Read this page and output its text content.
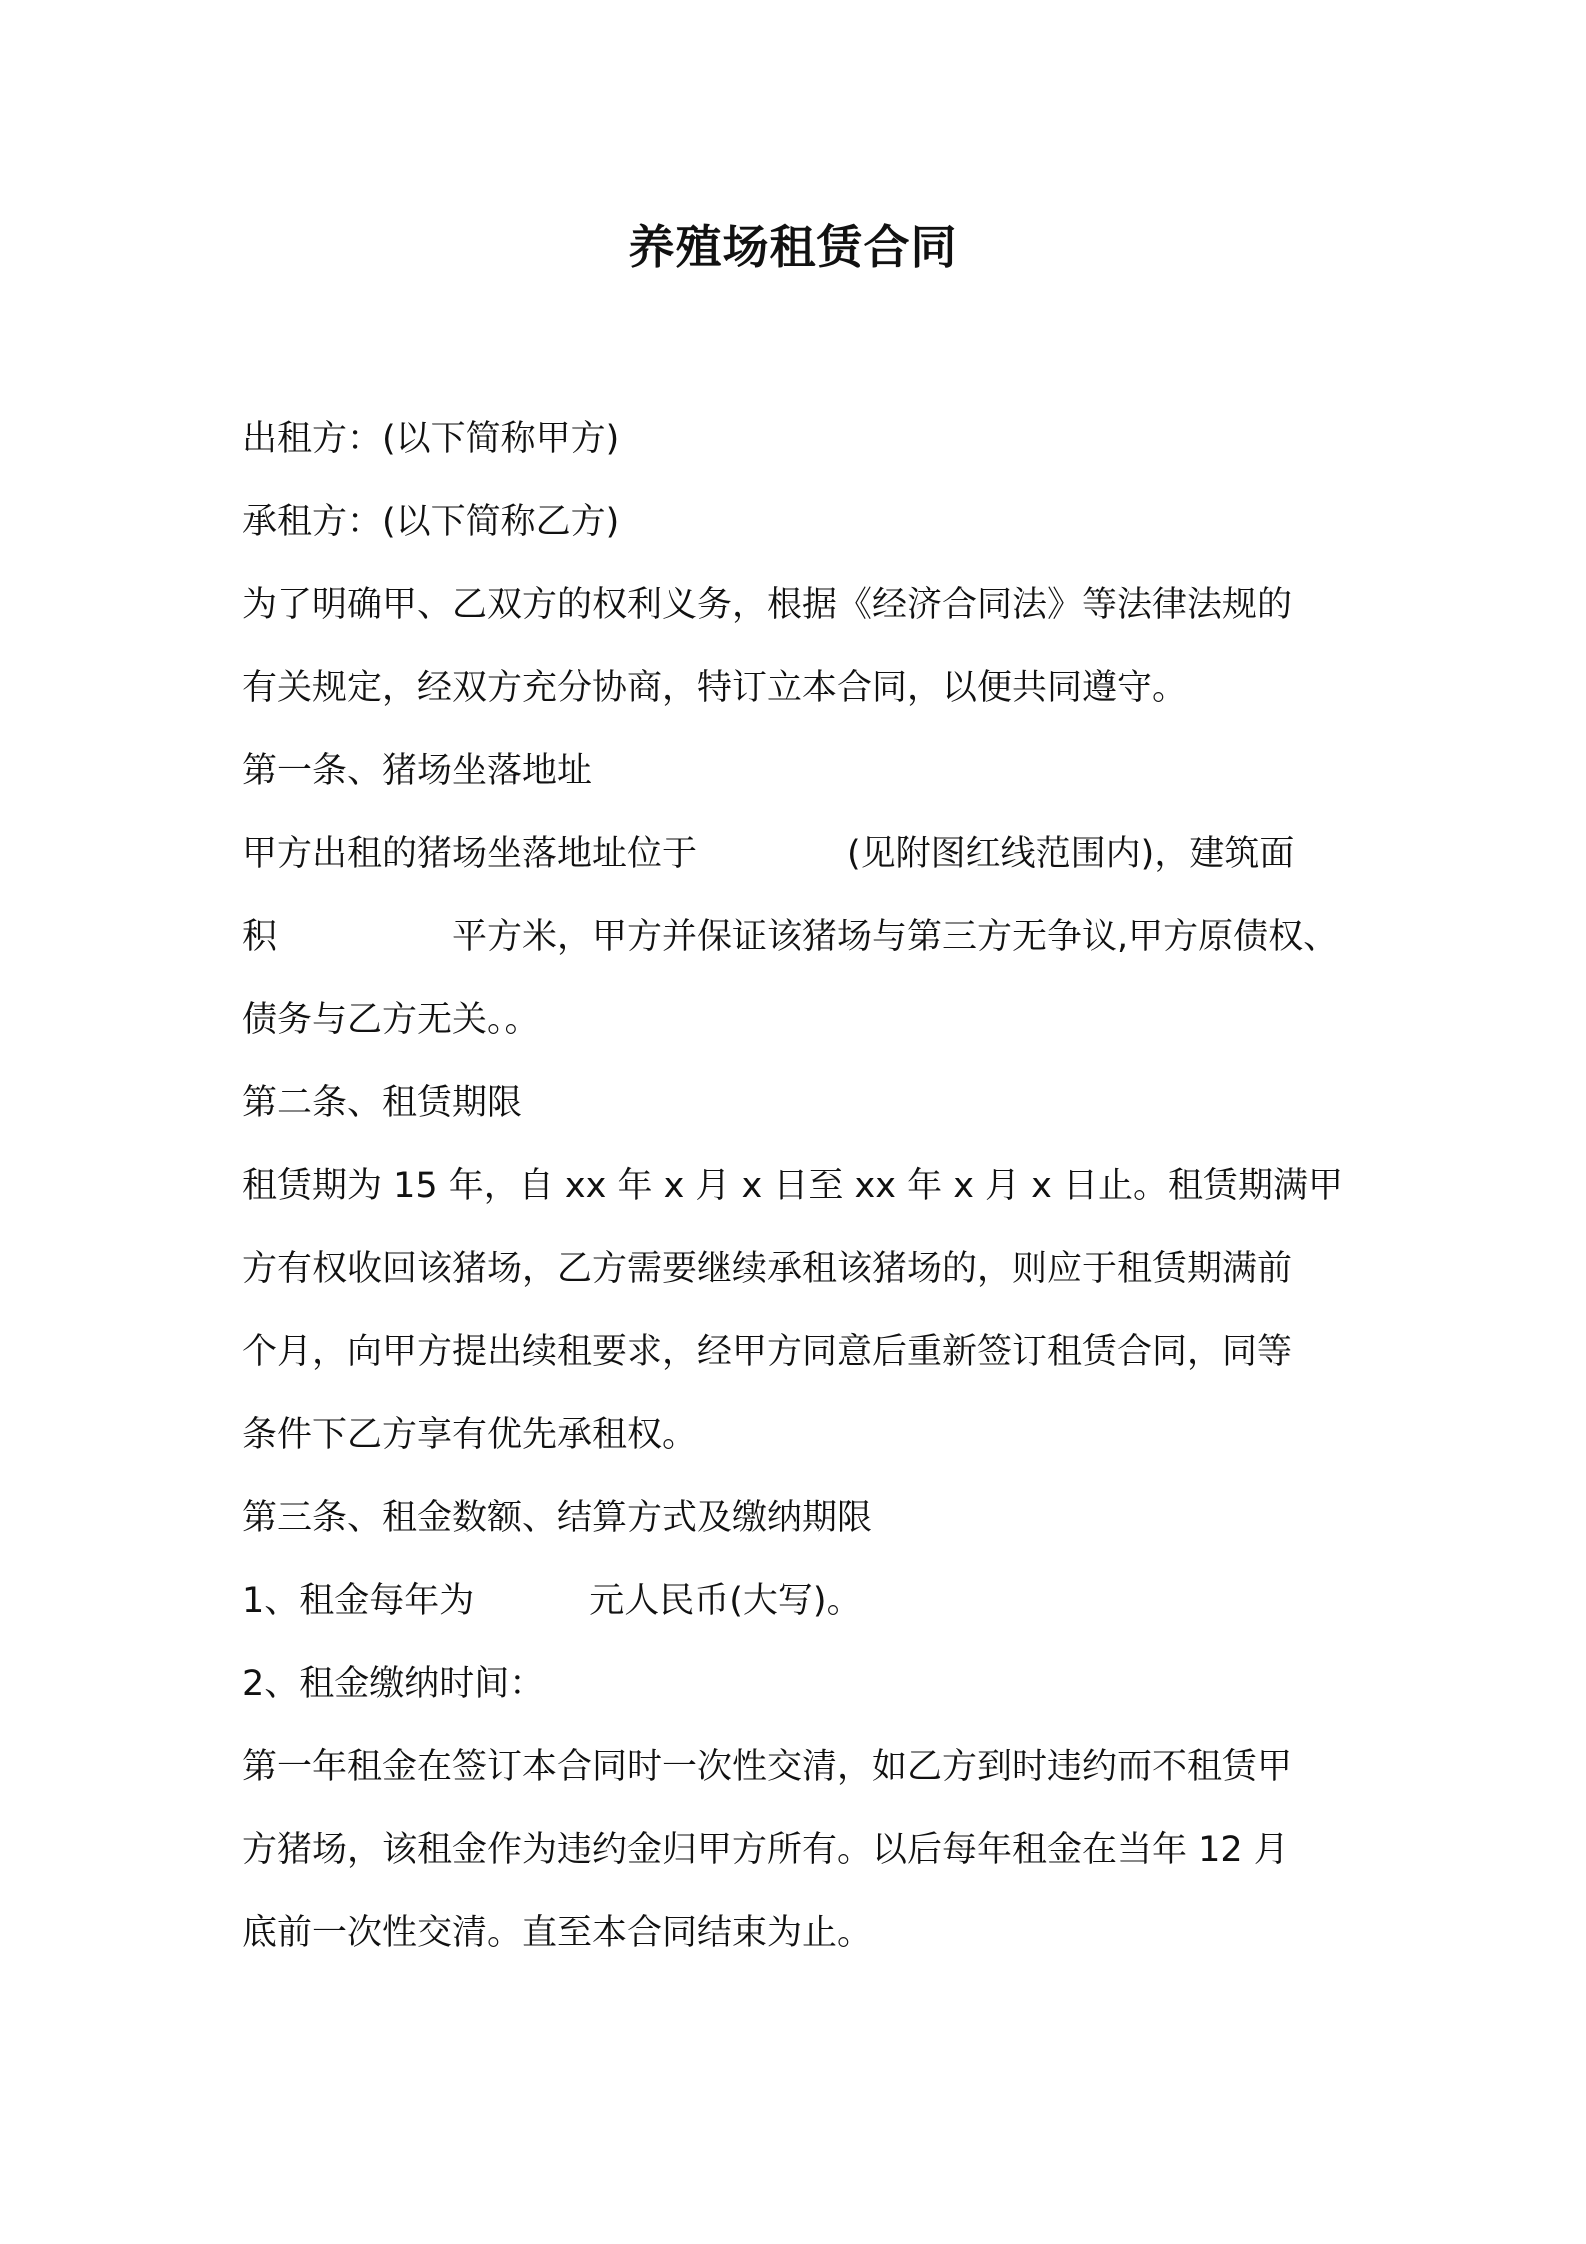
养殖场租赁合同
出租方：(以下简称甲方)
承租方：(以下简称乙方)
为了明确甲、乙双方的权利义务，根据《经济合同法》等法律法规的
有关规定，经双方充分协商，特订立本合同，以便共同遵守。
第一条、猪场坐落地址
甲方出租的猪场坐落地址位于	(见附图红线范围内)，建筑面
积	平方米，甲方并保证该猪场与第三方无争议,甲方原债权、
债务与乙方无关。。
第二条、租赁期限
租赁期为 15 年，自 xx 年 x 月 x 日至 xx 年 x 月 x 日止。租赁期满甲
方有权收回该猪场，乙方需要继续承租该猪场的，则应于租赁期满前
个月，向甲方提出续租要求，经甲方同意后重新签订租赁合同，同等
条件下乙方享有优先承租权。
第三条、租金数额、结算方式及缴纳期限
1、租金每年为	元人民币(大写)。
2、租金缴纳时间：
第一年租金在签订本合同时一次性交清，如乙方到时违约而不租赁甲
方猪场，该租金作为违约金归甲方所有。以后每年租金在当年 12 月
底前一次性交清。直至本合同结束为止。
